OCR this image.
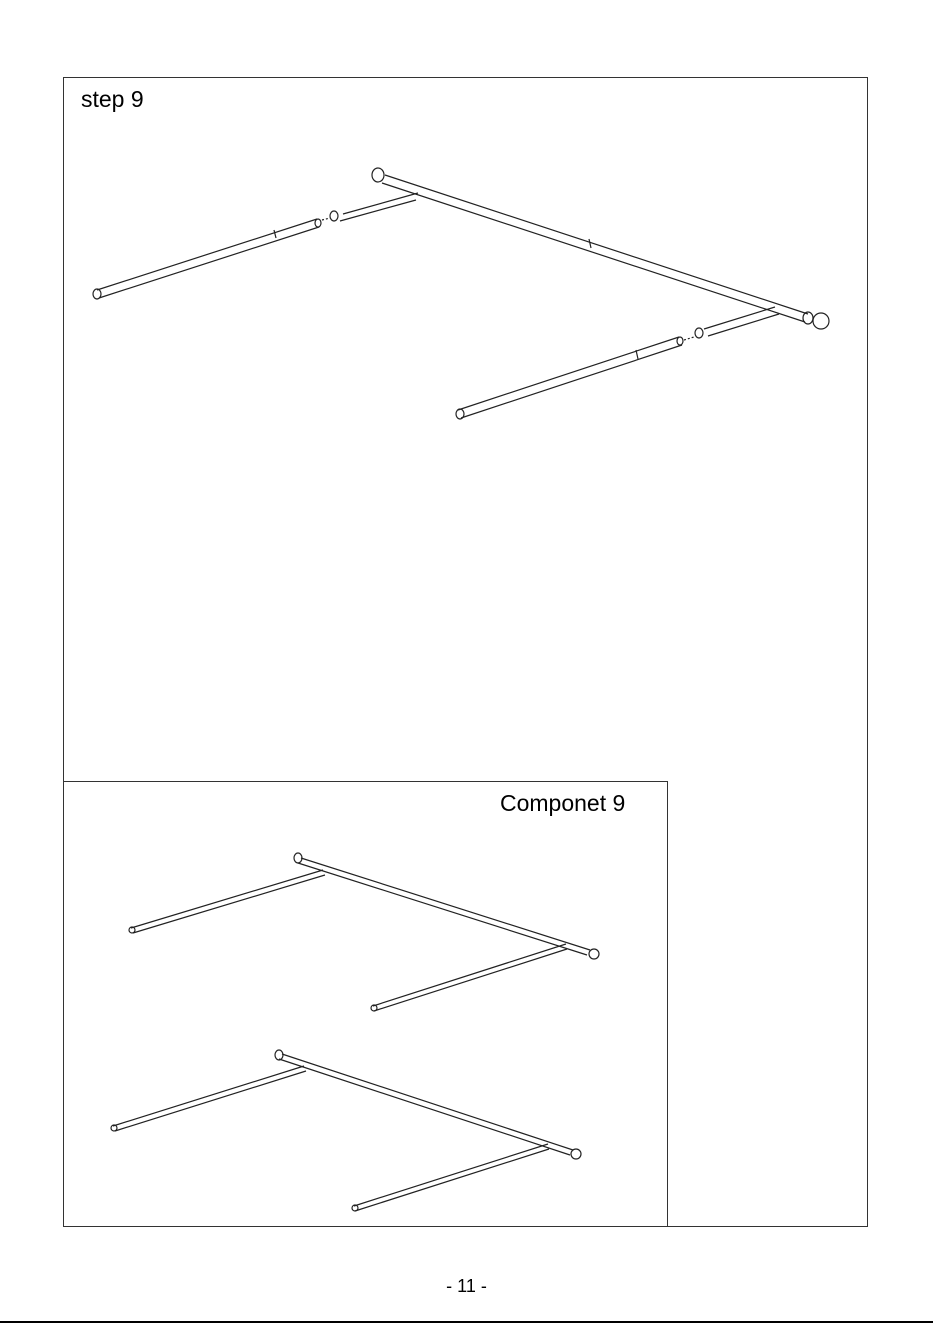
step 9
Componet 9
- 11 -
